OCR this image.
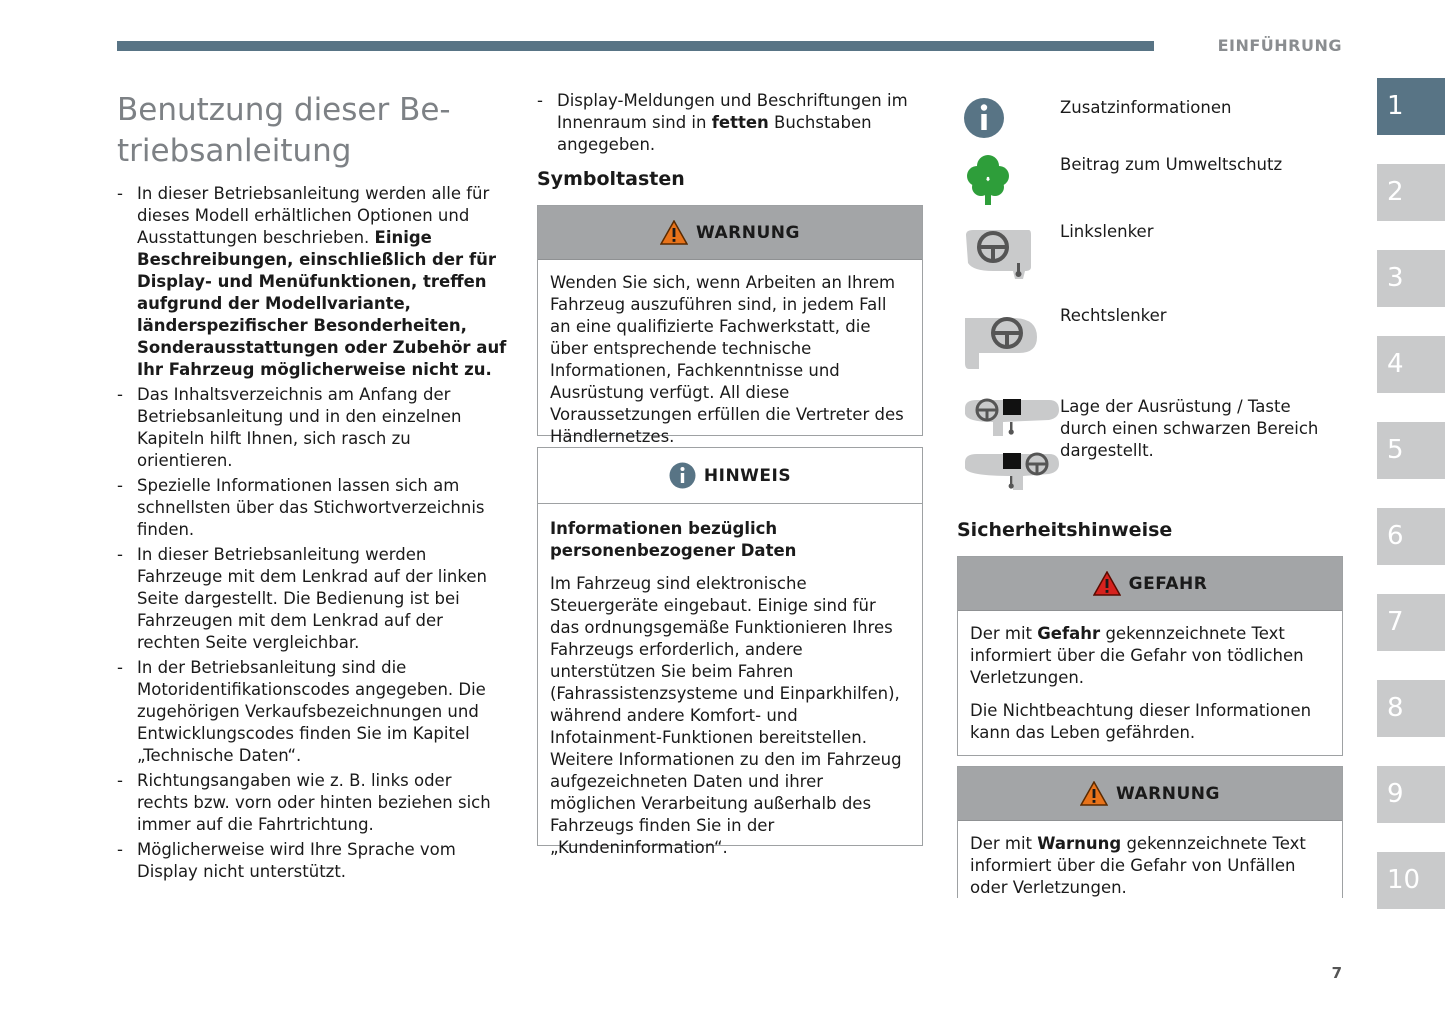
EINFÜHRUNG
1
2
3
4
5
6
7
8
9
10
Benutzung dieser Be-
triebsanleitung
- In dieser Betriebsanleitung werden alle für dieses Modell erhältlichen Optionen und Ausstattungen beschrieben. Einige Beschreibungen, einschließlich der für Display- und Menüfunktionen, treffen aufgrund der Modellvariante, länderspezifischer Besonderheiten, Sonderausstattungen oder Zubehör auf Ihr Fahrzeug möglicherweise nicht zu.
- Das Inhaltsverzeichnis am Anfang der Betriebsanleitung und in den einzelnen Kapiteln hilft Ihnen, sich rasch zu orientieren.
- Spezielle Informationen lassen sich am schnellsten über das Stichwortverzeichnis finden.
- In dieser Betriebsanleitung werden Fahrzeuge mit dem Lenkrad auf der linken Seite dargestellt. Die Bedienung ist bei Fahrzeugen mit dem Lenkrad auf der rechten Seite vergleichbar.
- In der Betriebsanleitung sind die Motoridentifikationscodes angegeben. Die zugehörigen Verkaufsbezeichnungen und Entwicklungscodes finden Sie im Kapitel „Technische Daten“.
- Richtungsangaben wie z. B. links oder rechts bzw. vorn oder hinten beziehen sich immer auf die Fahrtrichtung.
- Möglicherweise wird Ihre Sprache vom Display nicht unterstützt.
- Display-Meldungen und Beschriftungen im Innenraum sind in fetten Buchstaben angegeben.
Symboltasten
WARNUNG

Wenden Sie sich, wenn Arbeiten an Ihrem Fahrzeug auszuführen sind, in jedem Fall an eine qualifizierte Fachwerkstatt, die über entsprechende technische Informationen, Fachkenntnisse und Ausrüstung verfügt. All diese Voraussetzungen erfüllen die Vertreter des Händlernetzes.

HINWEIS

Informationen bezüglich personenbezogener Daten

Im Fahrzeug sind elektronische Steuergeräte eingebaut. Einige sind für das ordnungsgemäße Funktionieren Ihres Fahrzeugs erforderlich, andere unterstützen Sie beim Fahren (Fahrassistenzsysteme und Einparkhilfen), während andere Komfort- und Infotainment-Funktionen bereitstellen.

Weitere Informationen zu den im Fahrzeug aufgezeichneten Daten und ihrer möglichen Verarbeitung außerhalb des Fahrzeugs finden Sie in der „Kundeninformation“.

Zusatzinformationen
Beitrag zum Umweltschutz
Linkslenker
Rechtslenker
Lage der Ausrüstung / Taste durch einen schwarzen Bereich dargestellt.
Sicherheitshinweise
GEFAHR

Der mit Gefahr gekennzeichnete Text informiert über die Gefahr von tödlichen Verletzungen.

Die Nichtbeachtung dieser Informationen kann das Leben gefährden.

WARNUNG

Der mit Warnung gekennzeichnete Text informiert über die Gefahr von Unfällen oder Verletzungen.

7
